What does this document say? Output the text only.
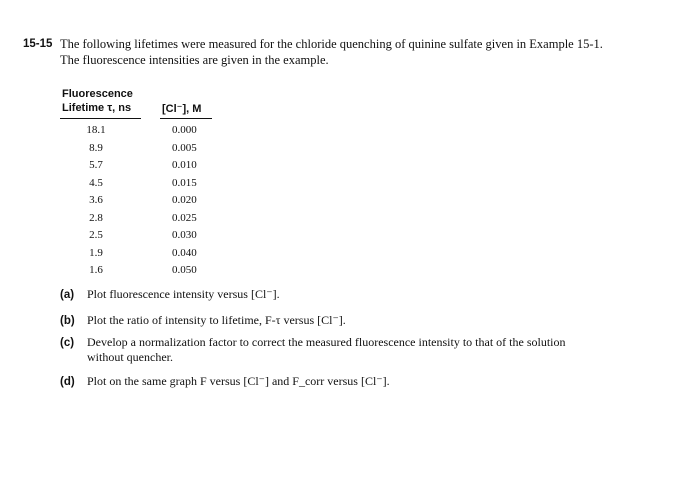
15-15 The following lifetimes were measured for the chloride quenching of quinine sulfate given in Example 15-1.
The fluorescence intensities are given in the example.
Fluorescence
Lifetime τ, ns	[Cl⁻], M
18.1	0.000
8.9	0.005
5.7	0.010
4.5	0.015
3.6	0.020
2.8	0.025
2.5	0.030
1.9	0.040
1.6	0.050
(a) Plot fluorescence intensity versus [Cl⁻].
(b) Plot the ratio of intensity to lifetime, F-τ versus [Cl⁻].
(c) Develop a normalization factor to correct the measured fluorescence intensity to that of the solution
without quencher.
(d) Plot on the same graph F versus [Cl⁻] and F_corr versus [Cl⁻].
